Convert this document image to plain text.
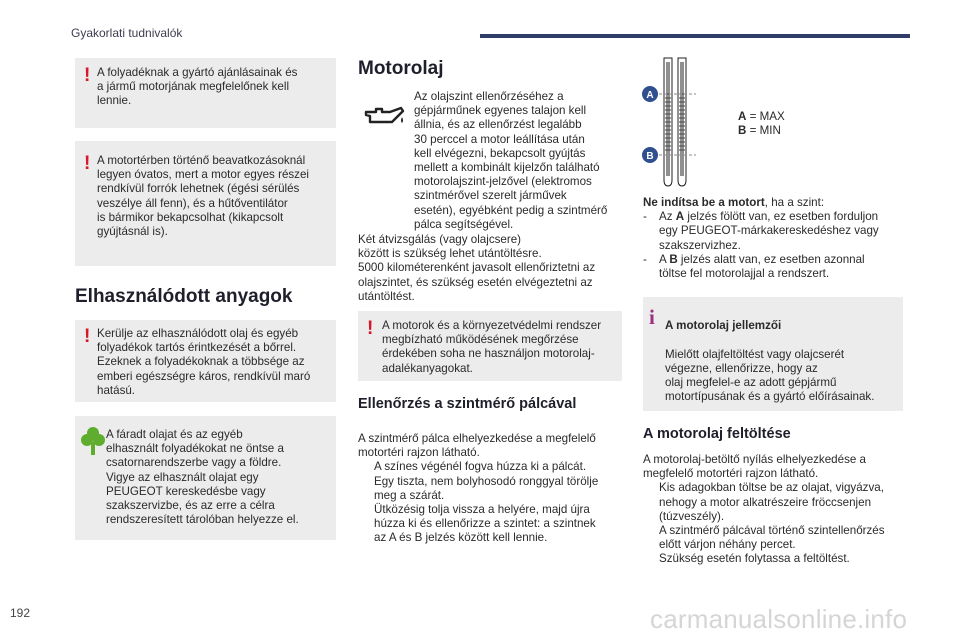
Gyakorlati tudnivalók
! A folyadéknak a gyártó ajánlásainak és
a jármű motorjának megfelelőnek kell
lennie.
! A motortérben történő beavatkozásoknál
legyen óvatos, mert a motor egyes részei
rendkívül forrók lehetnek (égési sérülés
veszélye áll fenn), és a hűtőventilátor
is bármikor bekapcsolhat (kikapcsolt
gyújtásnál is).
Elhasználódott anyagok
! Kerülje az elhasználódott olaj és egyéb
folyadékok tartós érintkezését a bőrrel.
Ezeknek a folyadékoknak a többsége az
emberi egészségre káros, rendkívül maró
hatású.
A fáradt olajat és az egyéb
elhasznált folyadékokat ne öntse a
csatornarendszerbe vagy a földre.
Vigye az elhasznált olajat egy
PEUGEOT kereskedésbe vagy
szakszervizbe, és az erre a célra
rendszeresített tárolóban helyezze el.
Motorolaj
Az olajszint ellenőrzéséhez a
gépjárműnek egyenes talajon kell
állnia, és az ellenőrzést legalább
30 perccel a motor leállítása után
kell elvégezni, bekapcsolt gyújtás
mellett a kombinált kijelzőn található
motorolajszint-jelzővel (elektromos
szintmérővel szerelt járművek
esetén), egyébként pedig a szintmérő
pálca segítségével.
Két átvizsgálás (vagy olajcsere)
között is szükség lehet utántöltésre.
5000 kilométerenként javasolt ellenőriztetni az
olajszintet, és szükség esetén elvégeztetni az
utántöltést.
! A motorok és a környezetvédelmi rendszer
megbízható működésének megőrzése
érdekében soha ne használjon motorolaj-
adalékanyagokat.
Ellenőrzés a szintmérő pálcával

A szintmérő pálca elhelyezkedése a megfelelő
motortéri rajzon látható.

A színes végénél fogva húzza ki a pálcát.
Egy tiszta, nem bolyhosodó ronggyal törölje
meg a szárát.
Ütközésig tolja vissza a helyére, majd újra
húzza ki és ellenőrizze a szintet: a szintnek
az A és B jelzés között kell lennie.
A
B
A = MAX
B = MIN

Ne indítsa be a motort, ha a szint:

-	Az A jelzés fölött van, ez esetben forduljon
egy PEUGEOT-márkakereskedéshez vagy
szakszervizhez.
-	A B jelzés alatt van, ez esetben azonnal
töltse fel motorolajjal a rendszert.
i A motorolaj jellemzői

Mielőtt olajfeltöltést vagy olajcserét
végezne, ellenőrizze, hogy az
olaj megfelel-e az adott gépjármű
motortípusának és a gyártó előírásainak.

A motorolaj feltöltése

A motorolaj-betöltő nyílás elhelyezkedése a
megfelelő motortéri rajzon látható.

Kis adagokban töltse be az olajat, vigyázva,
nehogy a motor alkatrészeire fröccsenjen
(túzveszély).
A szintmérő pálcával történő szintellenőrzés
előtt várjon néhány percet.
Szükség esetén folytassa a feltöltést.
192	carmanualsonline.info
